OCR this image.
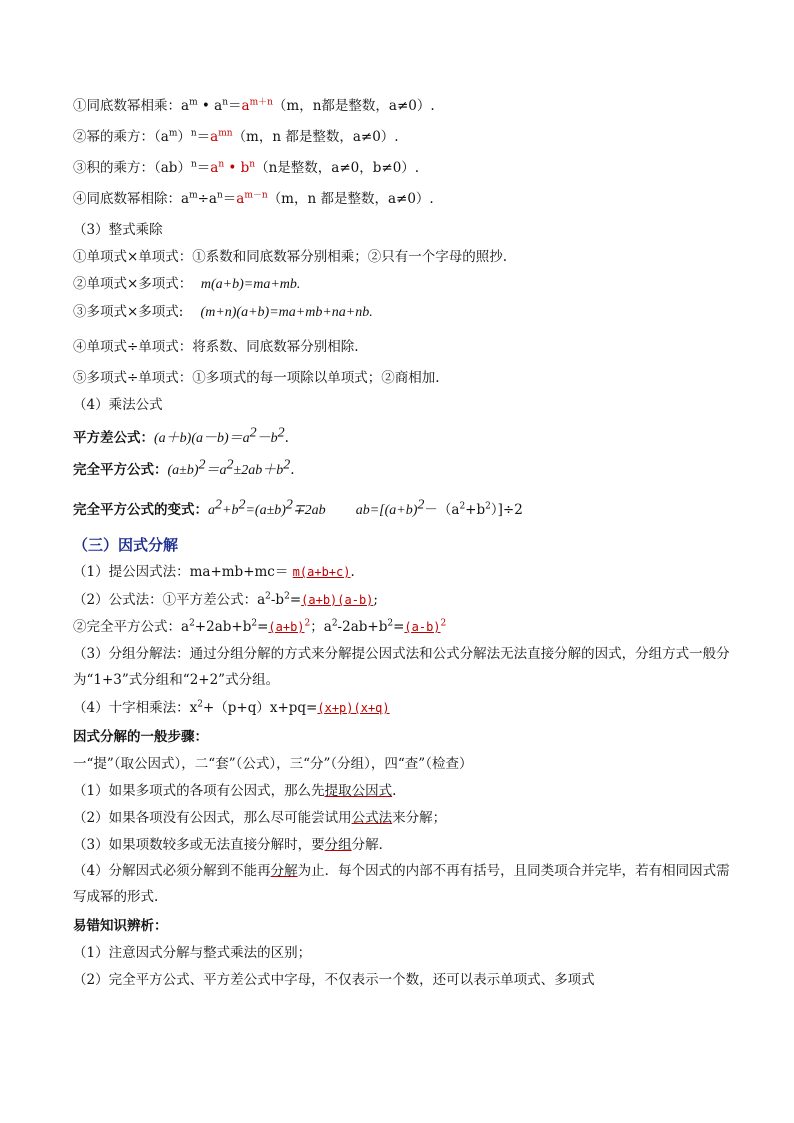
①同底数幂相乘：$a^m$ • $a^n=a^{m+n}(m$，n都是整数，a≠0）.
②幂的乘方：$(a^m)^n=a^{mn}(m$，n 都是整数，a≠0）.
③积的乘方：$(ab)^n=a^n$ • $b^n(n$是整数，a≠0，b≠0）.
④同底数幂相除：$a^m\div a^n=a^{m-n}(m$，n 都是整数，a≠0）.
（3）整式乘除
①单项式×单项式：①系数和同底数幂分别相乘；②只有一个字母的照抄.
②单项式×多项式： m(a+b)=ma+mb.
③多项式×多项式: (m+n)(a+b)=ma+mb+na+nb.
④单项式÷单项式：将系数、同底数幂分别相除.
⑤多项式÷单项式：①多项式的每一项除以单项式；②商相加.
（4）乘法公式
平方差公式：$(a+b)(a-b)=a^2-b^2$.
完全平方公式：$(a\pm b)^2=a^2\pm 2ab+b^2$.
完全平方公式的变式：$a^2+b^2=(a\pm b)^2\mp 2ab$ $ab=[(a+b)^2-(a^2+b^2)]\div 2$
（三）因式分解
（1）提公因式法：ma+mb+mc＝ m(a+b+c).
（2）公式法：①平方差公式：$a^2-b^2=(a+b)(a-b)$;
②完全平方公式：$a^2+2ab+b^2=(a+b)^2$；$a^2-2ab+b^2=(a-b)^2$
（3）分组分解法：通过分组分解的方式来分解提公因式法和公式分解法无法直接分解的因式，分组方式一般分为“1+3”式分组和“2+2”式分组。
（4）十字相乘法：$x^2+(p+q)x+pq=(x+p)(x+q)$
因式分解的一般步骤：
一“提”（取公因式），二“套”（公式），三“分”（分组），四“查”（检查）
（1）如果多项式的各项有公因式，那么先提取公因式.
（2）如果各项没有公因式，那么尽可能尝试用公式法来分解；
（3）如果项数较多或无法直接分解时，要分组分解．
（4）分解因式必须分解到不能再分解为止．每个因式的内部不再有括号，且同类项合并完毕，若有相同因式需写成幂的形式.
易错知识辨析：
（1）注意因式分解与整式乘法的区别；
（2）完全平方公式、平方差公式中字母，不仅表示一个数，还可以表示单项式、多项式
